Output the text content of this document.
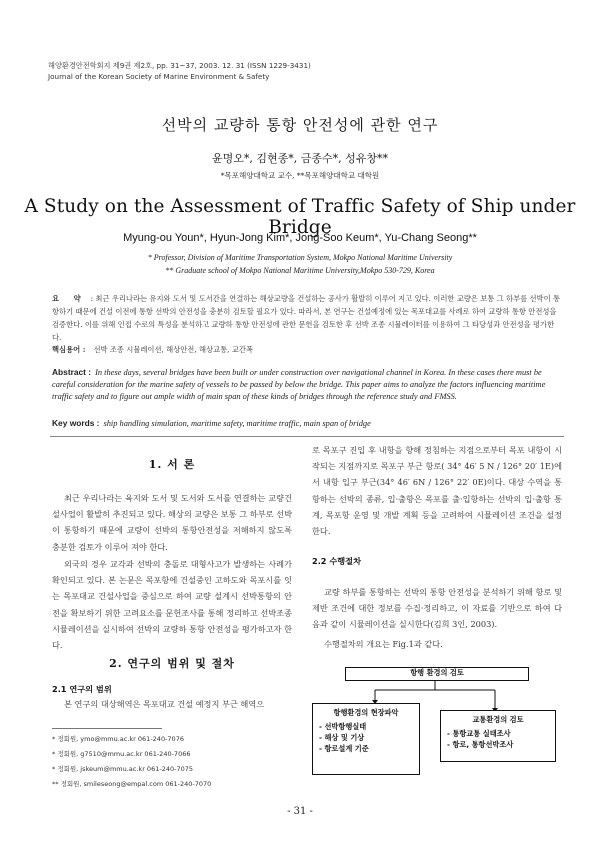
해양환경안전학회지 제9권 제2호, pp. 31~37, 2003. 12. 31 (ISSN 1229-3431)
Journal of the Korean Society of Marine Environment & Safety
선박의 교량하 통항 안전성에 관한 연구
윤명오*, 김현종*, 금종수*, 성유창**
*목포해양대학교 교수, **목포해양대학교 대학원
A Study on the Assessment of Traffic Safety of Ship under Bridge
Myung-ou Youn*, Hyun-Jong Kim*, Jong-Soo Keum*, Yu-Chang Seong**
* Professor, Division of Maritime Transportation System, Mokpo National Maritime University
** Graduate school of Mokpo National Maritime University,Mokpo 530-729, Korea
요 약 : 최근 우리나라는 유지와 도서 및 도서간을 연결하는 해상교량을 건설하는 공사가 활발히 이루어 지고 있다. 이러한 교량은 보통 그 하부를 선박이 통항하기 때문에 건설 이전에 통항 선박의 안전성을 충분히 검토할 필요가 있다. 따라서, 본 연구는 건설예정에 있는 목포대교를 사례로 하여 교량하 통항 안전성을 검증한다. 이를 위해 인접 수로의 특성을 분석하고 교량하 통항 안전성에 관한 문헌을 검토한 후 선박 조종 시뮬레이터를 이용하여 그 타당성과 안전성을 평가한다.
핵심용어 : 선박 조종 시뮬레이션, 해상안전, 해상교통, 교간폭
Abstract : In these days, several bridges have been built or under construction over navigational channel in Korea. In these cases there must be careful consideration for the marine safety of vessels to be passed by below the bridge. This paper aims to analyze the factors influencing maritime traffic safety and to figure out ample width of main span of these kinds of bridges through the reference study and FMSS.
Key words : ship handling simulation, maritime safety, maritime traffic, main span of bridge
1. 서 론
최근 우리나라는 육지와 도서 및 도서와 도서를 연결하는 교량건설사업이 활발히 추진되고 있다. 해상의 교량은 보통 그 하부로 선박이 통항하기 때문에 교량이 선박의 통항안전성을 저해하지 않도록 충분한 검토가 이루어 져야 한다.
외국의 경우 교각과 선박의 충돌로 대형사고가 발생하는 사례가 확인되고 있다. 본 논문은 목포항에 건설중인 고하도와 목포시를 잇는 목포대교 건설사업을 중심으로 하여 교량 설계시 선박통항의 안전을 확보하기 위한 고려요소를 문헌조사를 통해 정리하고 선박조종 시뮬레이션을 실시하여 선박의 교량하 통항 안전성을 평가하고자 한다.
2. 연구의 범위 및 절차
2.1 연구의 범위
본 연구의 대상해역은 목포대교 건설 예정지 부근 해역으
* 정회원, ymo@mmu.ac.kr 061-240-7076
* 정회원, g7510@mmu.ac.kr 061-240-7066
* 정회원, jskeum@mmu.ac.kr 061-240-7075
** 정회원, smileseong@empal.com 061-240-7070
로 목포구 진입 후 내항을 향해 정침하는 지점으로부터 목포 내항이 시작되는 지점까지로 목포구 부근 항로( 34° 46′ 5 N / 126° 20′ 1E)에서 내항 입구 부근(34° 46′ 6N / 126° 22′ 0E)이다. 대상 수역을 통항하는 선박의 종류, 입·출항은 목포를 출·입항하는 선박의 입·출항 통계, 목포항 운영 및 개발 계획 등을 고려하여 시뮬레이션 조건을 설정한다.
2.2 수행절차
교량 하부를 통항하는 선박의 통항 안전성을 분석하기 위해 항로 및 제반 조건에 대한 정보를 수집·정리하고, 이 자료를 기반으로 하여 다음과 같이 시뮬레이션을 실시한다(김희 3인, 2003).
수행절차의 개요는 Fig.1과 같다.
항행 환경의 검토
항행환경의 현장파악
- 선박항행실태
- 해상 및 기상
- 항로설계 기준
교통환경의 검토
- 통항교통 실태조사
- 항로, 통항선박조사
- 31 -
